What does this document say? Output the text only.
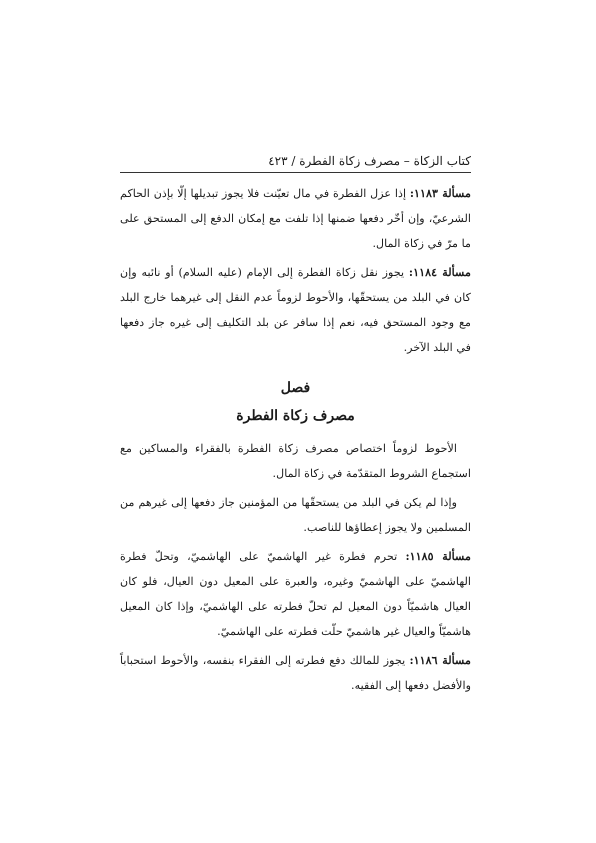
كتاب الزكاة – مصرف زكاة الفطرة / ٤٢٣

مسألة ١١٨٣: إذا عزل الفطرة في مال تعيّنت فلا يجوز تبديلها إلّا بإذن الحاكم الشرعيّ، وإن أخّر دفعها ضمنها إذا تلفت مع إمكان الدفع إلى المستحق على ما مرّ في زكاة المال.

مسألة ١١٨٤: يجوز نقل زكاة الفطرة إلى الإمام (عليه السلام) أو نائبه وإن كان في البلد من يستحقّها، والأحوط لزوماً عدم النقل إلى غيرهما خارج البلد مع وجود المستحق فيه، نعم إذا سافر عن بلد التكليف إلى غيره جاز دفعها في البلد الآخر.

فصل
مصرف زكاة الفطرة

الأحوط لزوماً اختصاص مصرف زكاة الفطرة بالفقراء والمساكين مع استجماع الشروط المتقدّمة في زكاة المال.

وإذا لم يكن في البلد من يستحقّها من المؤمنين جاز دفعها إلى غيرهم من المسلمين ولا يجوز إعطاؤها للناصب.

مسألة ١١٨٥: تحرم فطرة غير الهاشميّ على الهاشميّ، وتحلّ فطرة الهاشميّ على الهاشميّ وغيره، والعبرة على المعيل دون العيال، فلو كان العيال هاشميّاً دون المعيل لم تحلّ فطرته على الهاشميّ، وإذا كان المعيل هاشميّاً والعيال غير هاشميّ حلّت فطرته على الهاشميّ.

مسألة ١١٨٦: يجوز للمالك دفع فطرته إلى الفقراء بنفسه، والأحوط استحباباً والأفضل دفعها إلى الفقيه.
